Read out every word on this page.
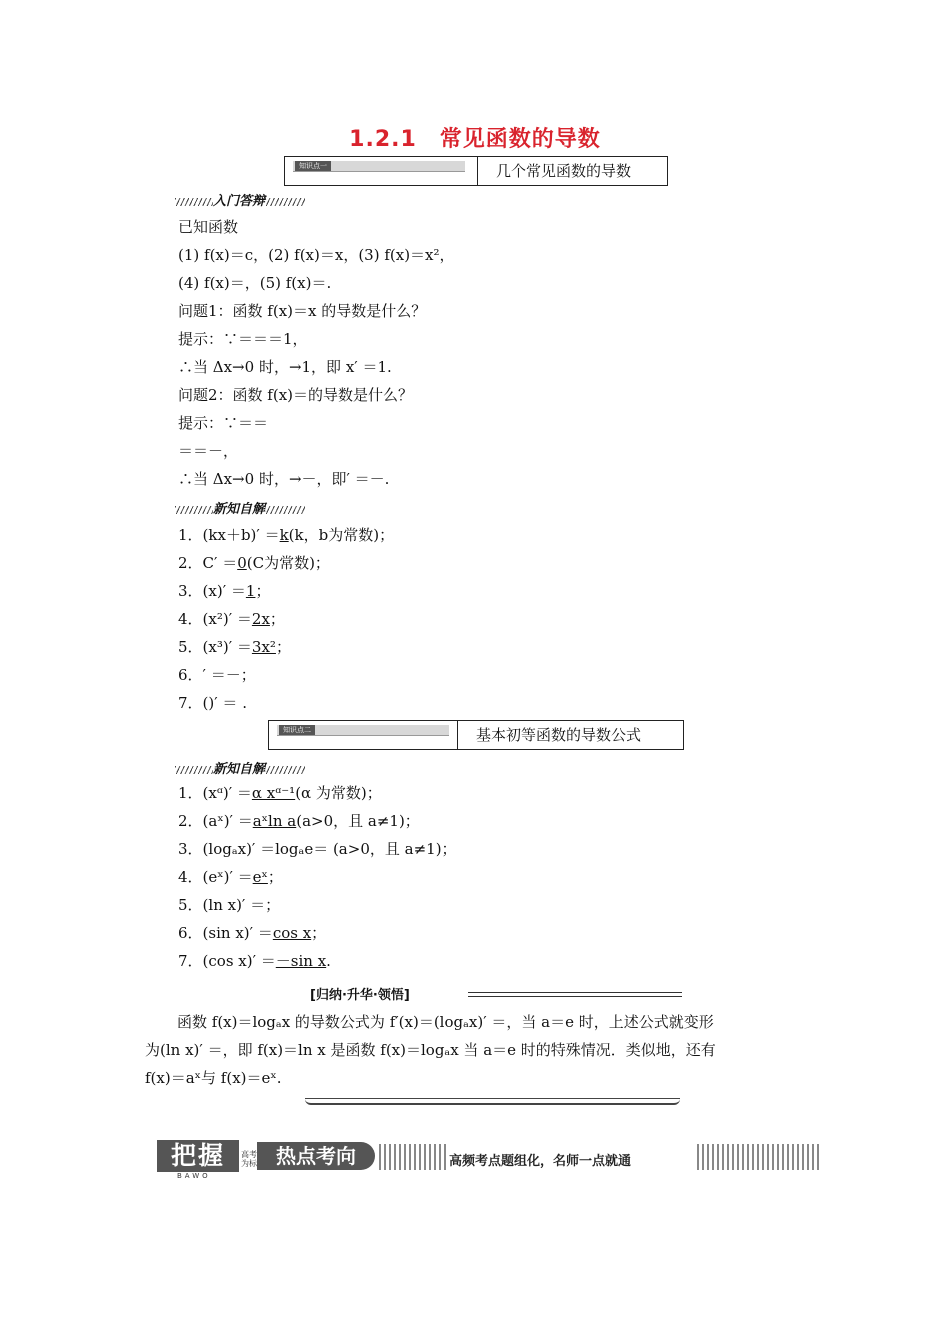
1.2.1　常见函数的导数
知识点一	几个常见函数的导数
入门答辩
已知函数
(1) f(x)＝c，(2) f(x)＝x，(3) f(x)＝x²，
(4) f(x)＝，(5) f(x)＝.
问题1：函数 f(x)＝x 的导数是什么？
提示：∵＝＝＝1，
∴当 Δx→0 时，→1，即 x′ ＝1.
问题2：函数 f(x)＝的导数是什么？
提示：∵＝＝
＝＝－，
∴当 Δx→0 时，→－，即′ ＝－.
新知自解
1．(kx＋b)′ ＝k(k，b为常数)；
2．C′ ＝0(C为常数)；
3．(x)′ ＝1；
4．(x²)′ ＝2x；
5．(x³)′ ＝3x²；
6．′ ＝－；
7．()′ ＝ .
知识点二	基本初等函数的导数公式
新知自解
1．(xᵅ)′ ＝α xᵅ⁻¹(α 为常数)；
2．(aˣ)′ ＝aˣln a(a>0，且 a≠1)；
3．(logₐx)′ ＝logₐe＝ (a>0，且 a≠1)；
4．(eˣ)′ ＝eˣ；
5．(ln x)′ ＝；
6．(sin x)′ ＝cos x；
7．(cos x)′ ＝－sin x.
[归纳·升华·领悟]

函数 f(x)＝logₐx 的导数公式为 f′(x)＝(logₐx)′ ＝，当 a＝e 时，上述公式就变形

为(ln x)′ ＝，即 f(x)＝ln x 是函数 f(x)＝logₐx 当 a＝e 时的特殊情况．类似地，还有

f(x)＝aˣ与 f(x)＝eˣ.

把握
BAWO
高考为标 热点考向	高频考点题组化，名师一点就通
